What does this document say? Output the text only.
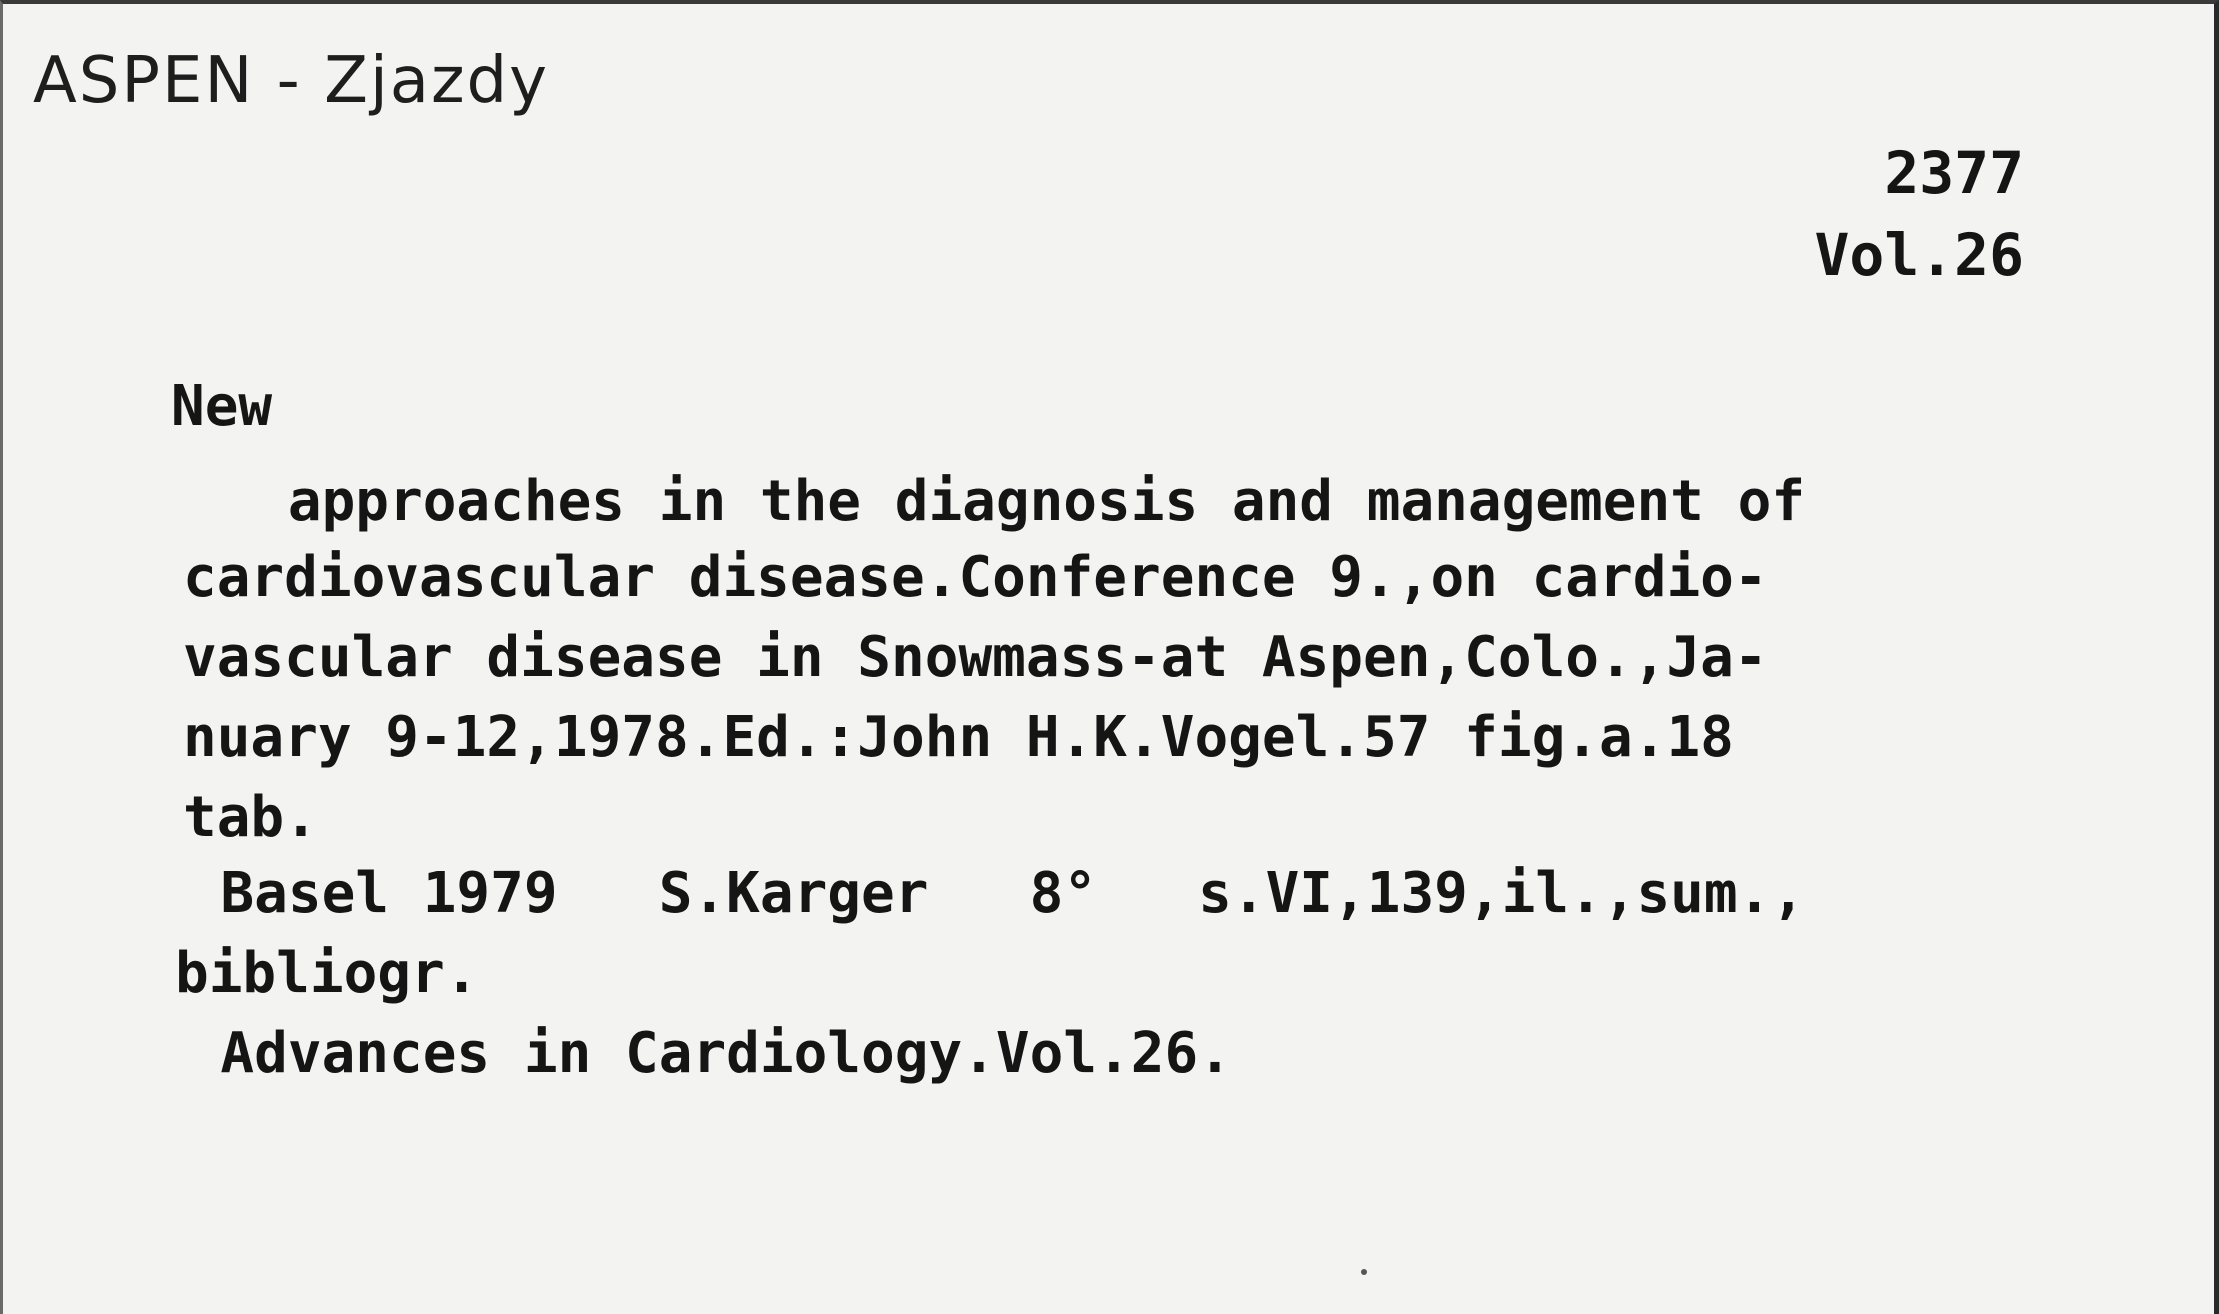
ASPEN - Zjazdy
2377
Vol.26
New
approaches in the diagnosis and management of
cardiovascular disease.Conference 9.,on cardio-
vascular disease in Snowmass-at Aspen,Colo.,Ja-
nuary 9-12,1978.Ed.:John H.K.Vogel.57 fig.a.18
tab.
Basel 1979   S.Karger   8°   s.VI,139,il.,sum.,
bibliogr.
Advances in Cardiology.Vol.26.
